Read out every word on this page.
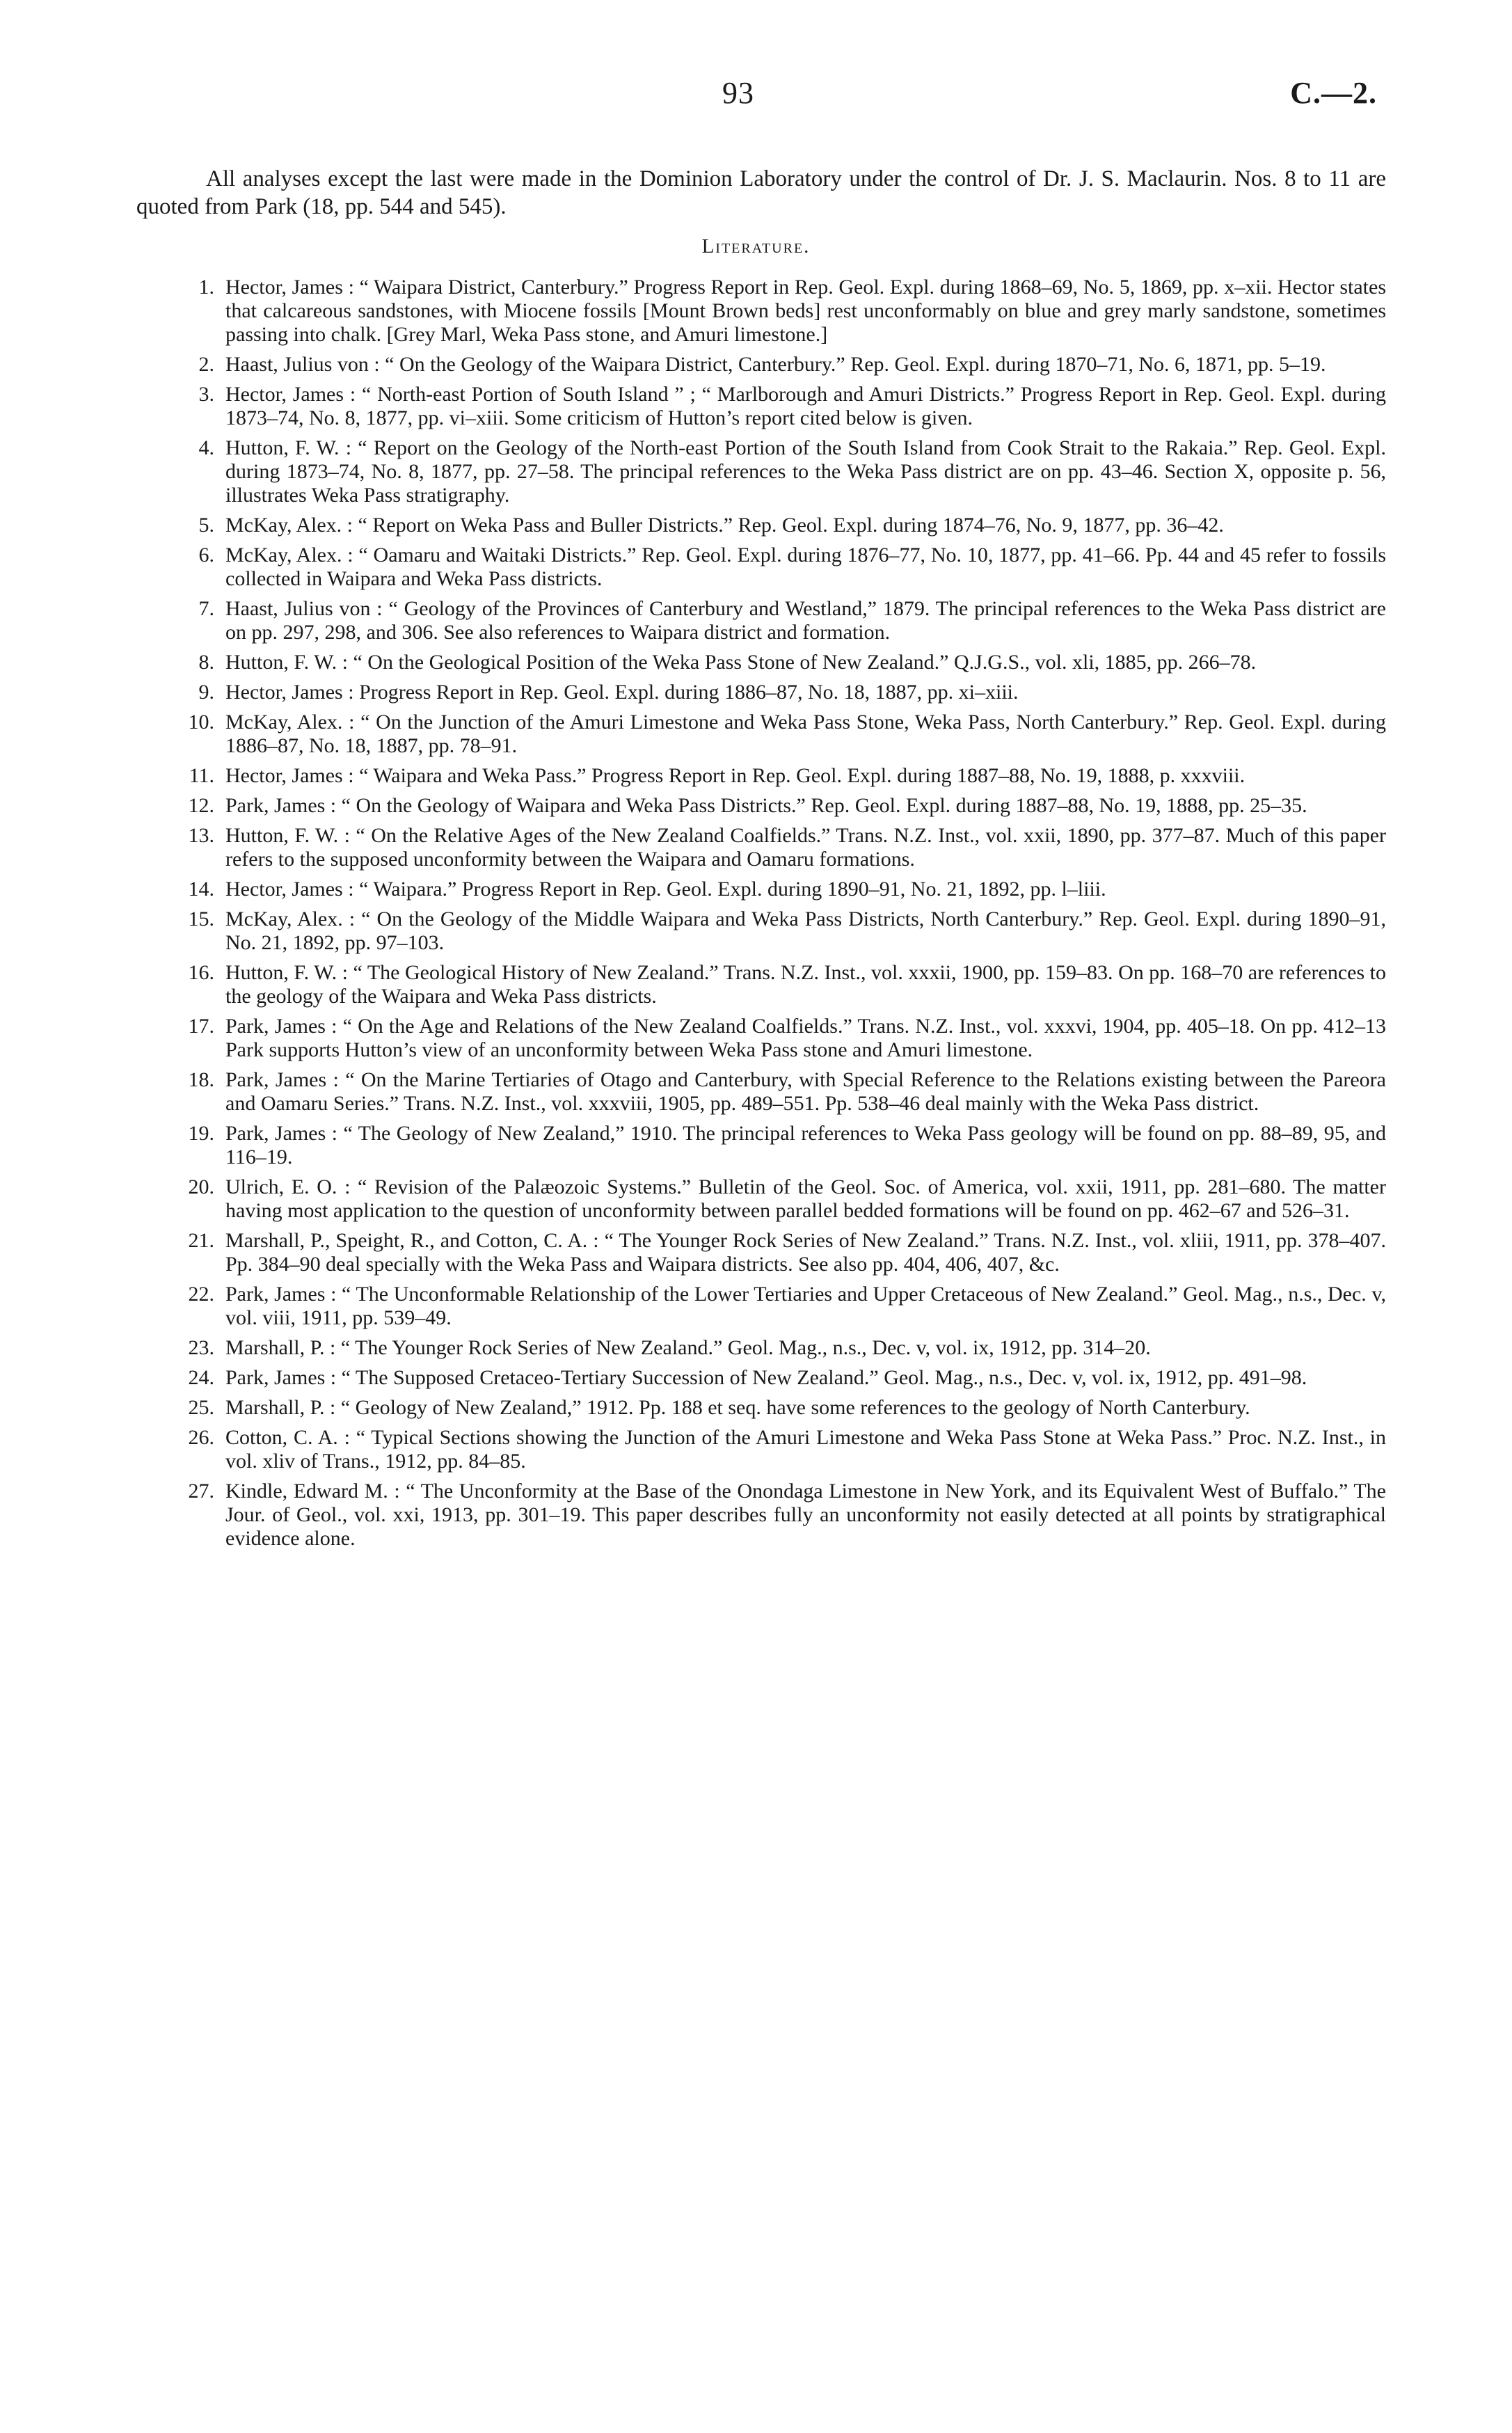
93	C.—2.

All analyses except the last were made in the Dominion Laboratory under the control of Dr. J. S. Maclaurin. Nos. 8 to 11 are quoted from Park (18, pp. 544 and 545).

Literature.
1. Hector, James : “ Waipara District, Canterbury.” Progress Report in Rep. Geol. Expl. during 1868–69, No. 5, 1869, pp. x–xii. Hector states that calcareous sandstones, with Miocene fossils [Mount Brown beds] rest unconformably on blue and grey marly sandstone, sometimes passing into chalk. [Grey Marl, Weka Pass stone, and Amuri limestone.]
2. Haast, Julius von : “ On the Geology of the Waipara District, Canterbury.” Rep. Geol. Expl. during 1870–71, No. 6, 1871, pp. 5–19.
3. Hector, James : “ North-east Portion of South Island ” ; “ Marlborough and Amuri Districts.” Progress Report in Rep. Geol. Expl. during 1873–74, No. 8, 1877, pp. vi–xiii. Some criticism of Hutton’s report cited below is given.
4. Hutton, F. W. : “ Report on the Geology of the North-east Portion of the South Island from Cook Strait to the Rakaia.” Rep. Geol. Expl. during 1873–74, No. 8, 1877, pp. 27–58. The principal references to the Weka Pass district are on pp. 43–46. Section X, opposite p. 56, illustrates Weka Pass stratigraphy.
5. McKay, Alex. : “ Report on Weka Pass and Buller Districts.” Rep. Geol. Expl. during 1874–76, No. 9, 1877, pp. 36–42.
6. McKay, Alex. : “ Oamaru and Waitaki Districts.” Rep. Geol. Expl. during 1876–77, No. 10, 1877, pp. 41–66. Pp. 44 and 45 refer to fossils collected in Waipara and Weka Pass districts.
7. Haast, Julius von : “ Geology of the Provinces of Canterbury and Westland,” 1879. The principal references to the Weka Pass district are on pp. 297, 298, and 306. See also references to Waipara district and formation.
8. Hutton, F. W. : “ On the Geological Position of the Weka Pass Stone of New Zealand.” Q.J.G.S., vol. xli, 1885, pp. 266–78.
9. Hector, James : Progress Report in Rep. Geol. Expl. during 1886–87, No. 18, 1887, pp. xi–xiii.
10. McKay, Alex. : “ On the Junction of the Amuri Limestone and Weka Pass Stone, Weka Pass, North Canterbury.” Rep. Geol. Expl. during 1886–87, No. 18, 1887, pp. 78–91.
11. Hector, James : “ Waipara and Weka Pass.” Progress Report in Rep. Geol. Expl. during 1887–88, No. 19, 1888, p. xxxviii.
12. Park, James : “ On the Geology of Waipara and Weka Pass Districts.” Rep. Geol. Expl. during 1887–88, No. 19, 1888, pp. 25–35.
13. Hutton, F. W. : “ On the Relative Ages of the New Zealand Coalfields.” Trans. N.Z. Inst., vol. xxii, 1890, pp. 377–87. Much of this paper refers to the supposed unconformity between the Waipara and Oamaru formations.
14. Hector, James : “ Waipara.” Progress Report in Rep. Geol. Expl. during 1890–91, No. 21, 1892, pp. l–liii.
15. McKay, Alex. : “ On the Geology of the Middle Waipara and Weka Pass Districts, North Canterbury.” Rep. Geol. Expl. during 1890–91, No. 21, 1892, pp. 97–103.
16. Hutton, F. W. : “ The Geological History of New Zealand.” Trans. N.Z. Inst., vol. xxxii, 1900, pp. 159–83. On pp. 168–70 are references to the geology of the Waipara and Weka Pass districts.
17. Park, James : “ On the Age and Relations of the New Zealand Coalfields.” Trans. N.Z. Inst., vol. xxxvi, 1904, pp. 405–18. On pp. 412–13 Park supports Hutton’s view of an unconformity between Weka Pass stone and Amuri limestone.
18. Park, James : “ On the Marine Tertiaries of Otago and Canterbury, with Special Reference to the Relations existing between the Pareora and Oamaru Series.” Trans. N.Z. Inst., vol. xxxviii, 1905, pp. 489–551. Pp. 538–46 deal mainly with the Weka Pass district.
19. Park, James : “ The Geology of New Zealand,” 1910. The principal references to Weka Pass geology will be found on pp. 88–89, 95, and 116–19.
20. Ulrich, E. O. : “ Revision of the Palæozoic Systems.” Bulletin of the Geol. Soc. of America, vol. xxii, 1911, pp. 281–680. The matter having most application to the question of unconformity between parallel bedded formations will be found on pp. 462–67 and 526–31.
21. Marshall, P., Speight, R., and Cotton, C. A. : “ The Younger Rock Series of New Zealand.” Trans. N.Z. Inst., vol. xliii, 1911, pp. 378–407. Pp. 384–90 deal specially with the Weka Pass and Waipara districts. See also pp. 404, 406, 407, &c.
22. Park, James : “ The Unconformable Relationship of the Lower Tertiaries and Upper Cretaceous of New Zealand.” Geol. Mag., n.s., Dec. v, vol. viii, 1911, pp. 539–49.
23. Marshall, P. : “ The Younger Rock Series of New Zealand.” Geol. Mag., n.s., Dec. v, vol. ix, 1912, pp. 314–20.
24. Park, James : “ The Supposed Cretaceo-Tertiary Succession of New Zealand.” Geol. Mag., n.s., Dec. v, vol. ix, 1912, pp. 491–98.
25. Marshall, P. : “ Geology of New Zealand,” 1912. Pp. 188 et seq. have some references to the geology of North Canterbury.
26. Cotton, C. A. : “ Typical Sections showing the Junction of the Amuri Limestone and Weka Pass Stone at Weka Pass.” Proc. N.Z. Inst., in vol. xliv of Trans., 1912, pp. 84–85.
27. Kindle, Edward M. : “ The Unconformity at the Base of the Onondaga Limestone in New York, and its Equivalent West of Buffalo.” The Jour. of Geol., vol. xxi, 1913, pp. 301–19. This paper describes fully an unconformity not easily detected at all points by stratigraphical evidence alone.
